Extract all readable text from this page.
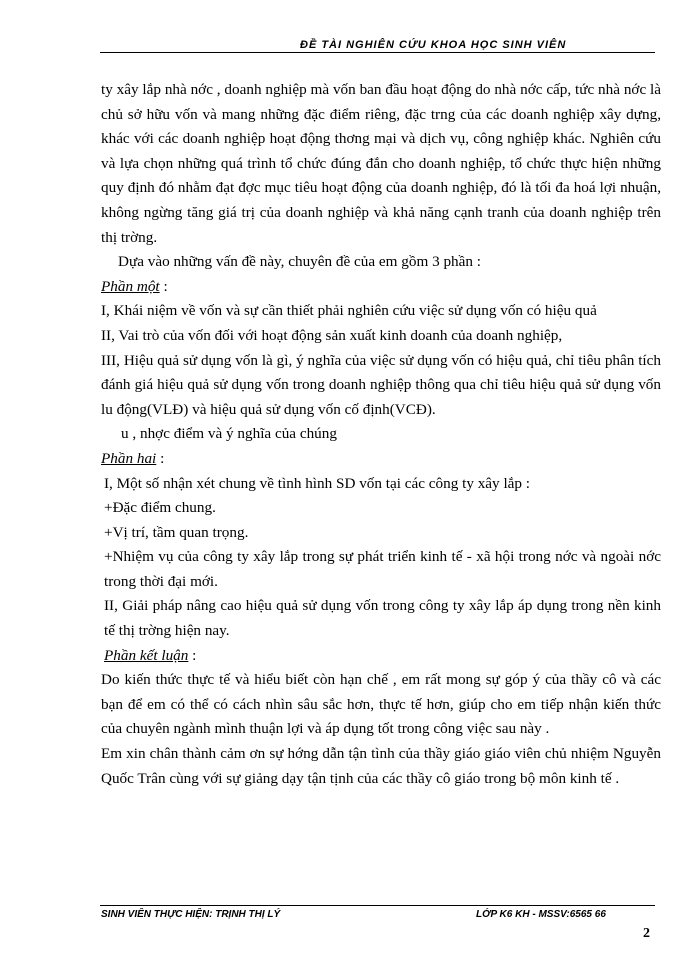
ĐỀ TÀI NGHIÊN CỨU KHOA HỌC SINH VIÊN

ty xây lắp nhà nớc , doanh nghiệp mà vốn ban đầu hoạt động do nhà nớc cấp, tức nhà nớc là chủ sở hữu vốn và mang những đặc điểm riêng, đặc trng của các doanh nghiệp xây dựng, khác với các doanh nghiệp hoạt động thơng mại và dịch vụ, công nghiệp khác. Nghiên cứu và lựa chọn những quá trình tổ chức đúng đắn cho doanh nghiệp, tổ chức thực hiện những quy định đó nhằm đạt đợc mục tiêu hoạt động của doanh nghiệp, đó là tối đa hoá lợi nhuận, không ngừng tăng giá trị của doanh nghiệp và khả năng cạnh tranh của doanh nghiệp trên thị trờng.

Dựa vào những vấn đề này, chuyên đề của em gồm 3 phần :

Phần một :

I, Khái niệm về vốn và sự cần thiết phải nghiên cứu việc sử dụng vốn có hiệu quả

II, Vai trò của vốn đối với hoạt động sản xuất kinh doanh của doanh nghiệp,

III, Hiệu quả sử dụng vốn là gì, ý nghĩa của việc sử dụng vốn có hiệu quả, chỉ tiêu phân tích đánh giá hiệu quả sử dụng vốn trong doanh nghiệp thông qua chỉ tiêu hiệu quả sử dụng vốn lu động(VLĐ) và hiệu quả sử dụng vốn cố định(VCĐ).

u , nhợc điểm và ý nghĩa của chúng

Phần hai :

I, Một số nhận xét chung về tình hình SD vốn tại các công ty xây lắp :

+Đặc điểm chung.

+Vị trí, tầm quan trọng.

+Nhiệm vụ của công ty xây lắp trong sự phát triển kinh tế - xã hội trong nớc và ngoài nớc trong thời đại mới.

II, Giải pháp nâng cao hiệu quả sử dụng vốn trong công ty xây lắp áp dụng trong nền kinh tế thị trờng hiện nay.

Phần kết luận :

Do kiến thức thực tế và hiểu biết còn hạn chế , em rất mong sự góp ý của thầy cô và các bạn để em có thể có cách nhìn sâu sắc hơn, thực tế hơn, giúp cho em tiếp nhận kiến thức của chuyên ngành mình thuận lợi và áp dụng tốt trong công việc sau này .

Em xin chân thành cảm ơn sự hớng dẫn tận tình của thầy giáo giáo viên chủ nhiệm Nguyễn Quốc Trân cùng với sự giảng dạy tận tịnh của các thầy cô giáo trong bộ môn kinh tế .

SINH VIÊN THỰC HIỆN: TRỊNH THỊ LÝ	LỚP K6 KH - MSSV:6565 66
2
